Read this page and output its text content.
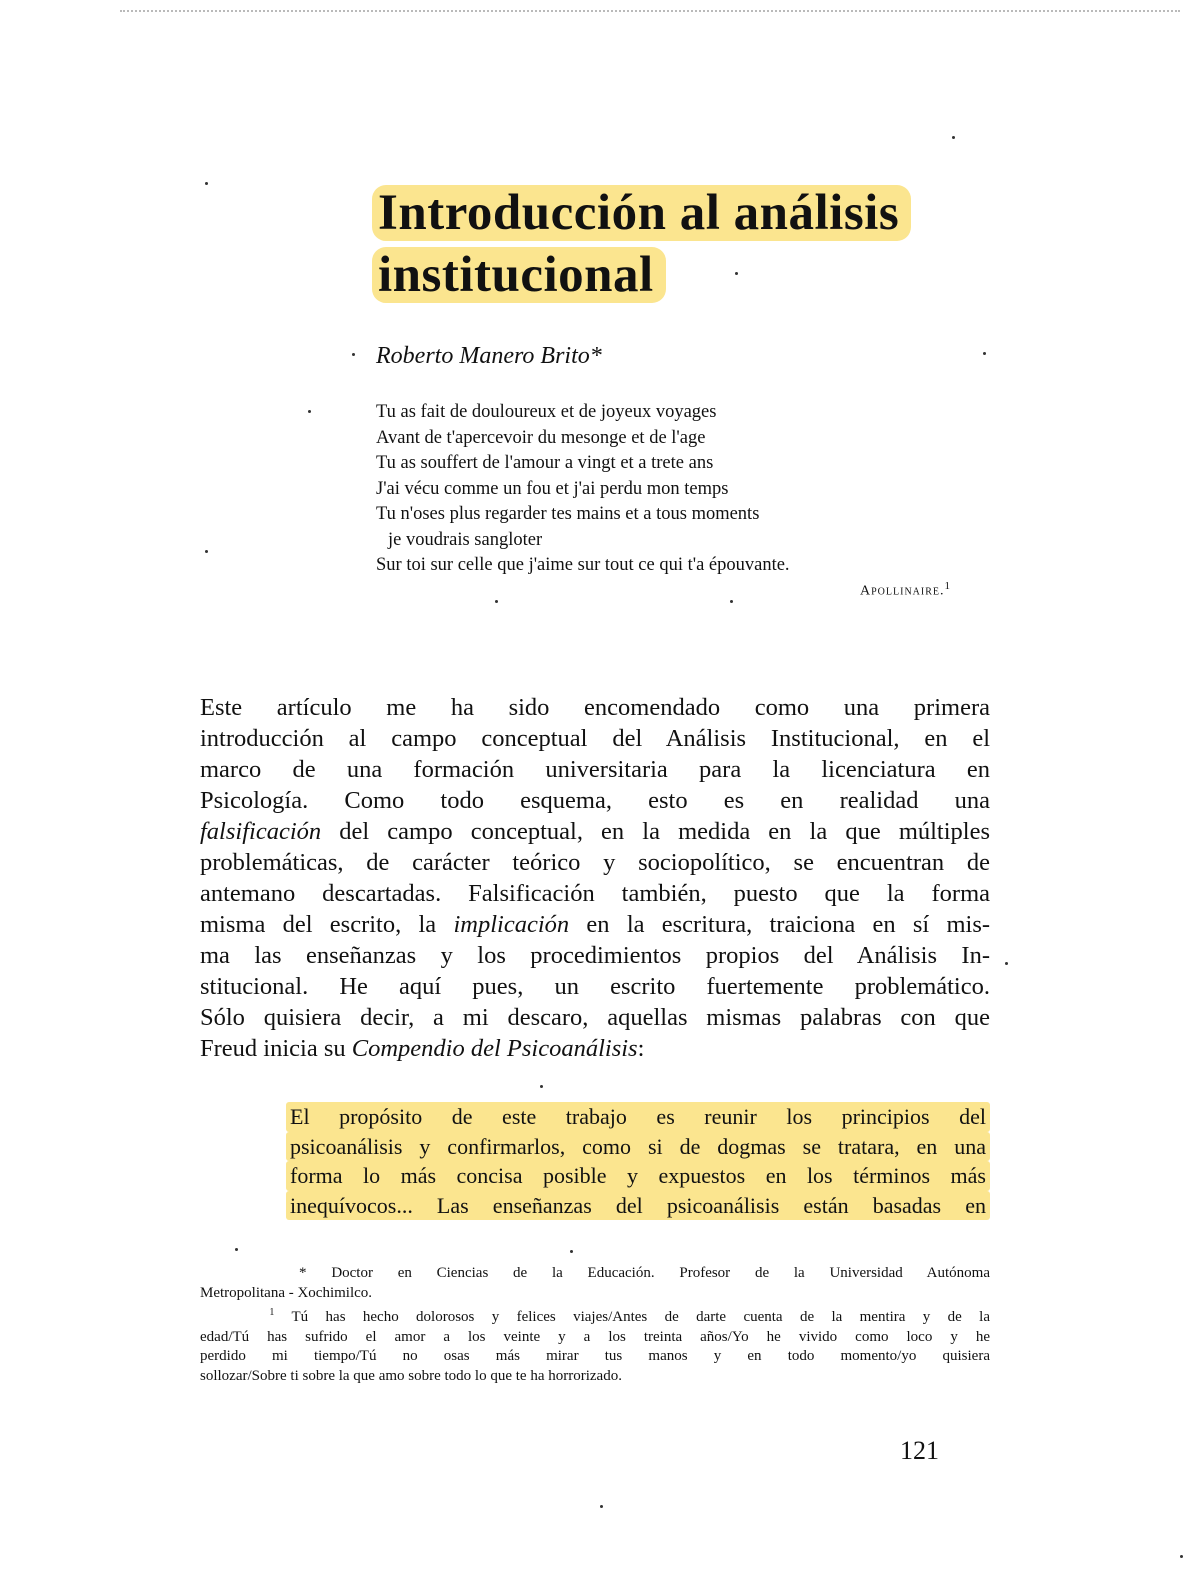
Introducción al análisis
institucional
Roberto Manero Brito*
Tu as fait de douloureux et de joyeux voyages
Avant de t'apercevoir du mesonge et de l'age
Tu as souffert de l'amour a vingt et a trete ans
J'ai vécu comme un fou et j'ai perdu mon temps
Tu n'oses plus regarder tes mains et a tous moments
je voudrais sangloter
Sur toi sur celle que j'aime sur tout ce qui t'a épouvante.
Apollinaire.$^1$
Este artículo me ha sido encomendado como una primera
introducción al campo conceptual del Análisis Institucional, en el
marco de una formación universitaria para la licenciatura en
Psicología. Como todo esquema, esto es en realidad una
falsificación del campo conceptual, en la medida en la que múltiples
problemáticas, de carácter teórico y sociopolítico, se encuentran de
antemano descartadas. Falsificación también, puesto que la forma
misma del escrito, la implicación en la escritura, traiciona en sí mis-
ma las enseñanzas y los procedimientos propios del Análisis In-
stitucional. He aquí pues, un escrito fuertemente problemático.
Sólo quisiera decir, a mi descaro, aquellas mismas palabras con que
Freud inicia su Compendio del Psicoanálisis:
El propósito de este trabajo es reunir los principios del
psicoanálisis y confirmarlos, como si de dogmas se tratara, en una
forma lo más concisa posible y expuestos en los términos más
inequívocos... Las enseñanzas del psicoanálisis están basadas en
* Doctor en Ciencias de la Educación. Profesor de la Universidad Autónoma
Metropolitana - Xochimilco.
$^1$ Tú has hecho dolorosos y felices viajes/Antes de darte cuenta de la mentira y de la
edad/Tú has sufrido el amor a los veinte y a los treinta años/Yo he vivido como loco y he
perdido mi tiempo/Tú no osas más mirar tus manos y en todo momento/yo quisiera
sollozar/Sobre ti sobre la que amo sobre todo lo que te ha horrorizado.
121
